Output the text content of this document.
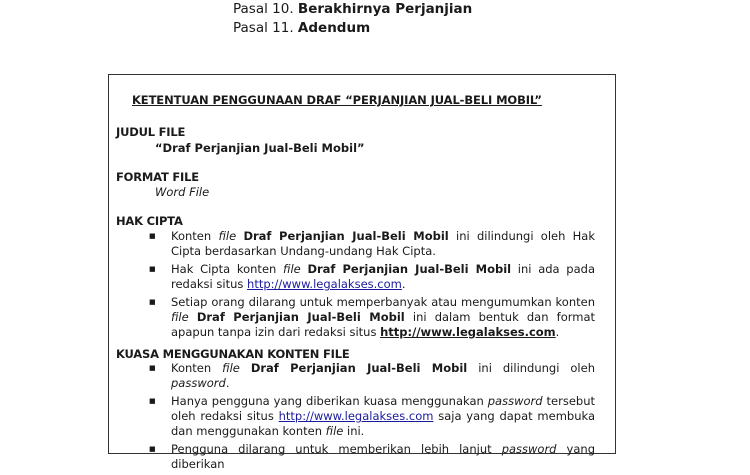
Pasal 10. Berakhirnya Perjanjian
Pasal 11. Adendum
KETENTUAN PENGGUNAAN DRAF “PERJANJIAN JUAL-BELI MOBIL”
JUDUL FILE
“Draf Perjanjian Jual-Beli Mobil”
FORMAT FILE
Word File
HAK CIPTA
■ Konten file Draf Perjanjian Jual-Beli Mobil ini dilindungi oleh Hak Cipta berdasarkan Undang-undang Hak Cipta.
■ Hak Cipta konten file Draf Perjanjian Jual-Beli Mobil ini ada pada redaksi situs http://www.legalakses.com.
■ Setiap orang dilarang untuk memperbanyak atau mengumumkan konten file Draf Perjanjian Jual-Beli Mobil ini dalam bentuk dan format apapun tanpa izin dari redaksi situs http://www.legalakses.com.
KUASA MENGGUNAKAN KONTEN FILE
■ Konten file Draf Perjanjian Jual-Beli Mobil ini dilindungi oleh password.
■ Hanya pengguna yang diberikan kuasa menggunakan password tersebut oleh redaksi situs http://www.legalakses.com saja yang dapat membuka dan menggunakan konten file ini.
■ Pengguna dilarang untuk memberikan lebih lanjut password yang diberikan
